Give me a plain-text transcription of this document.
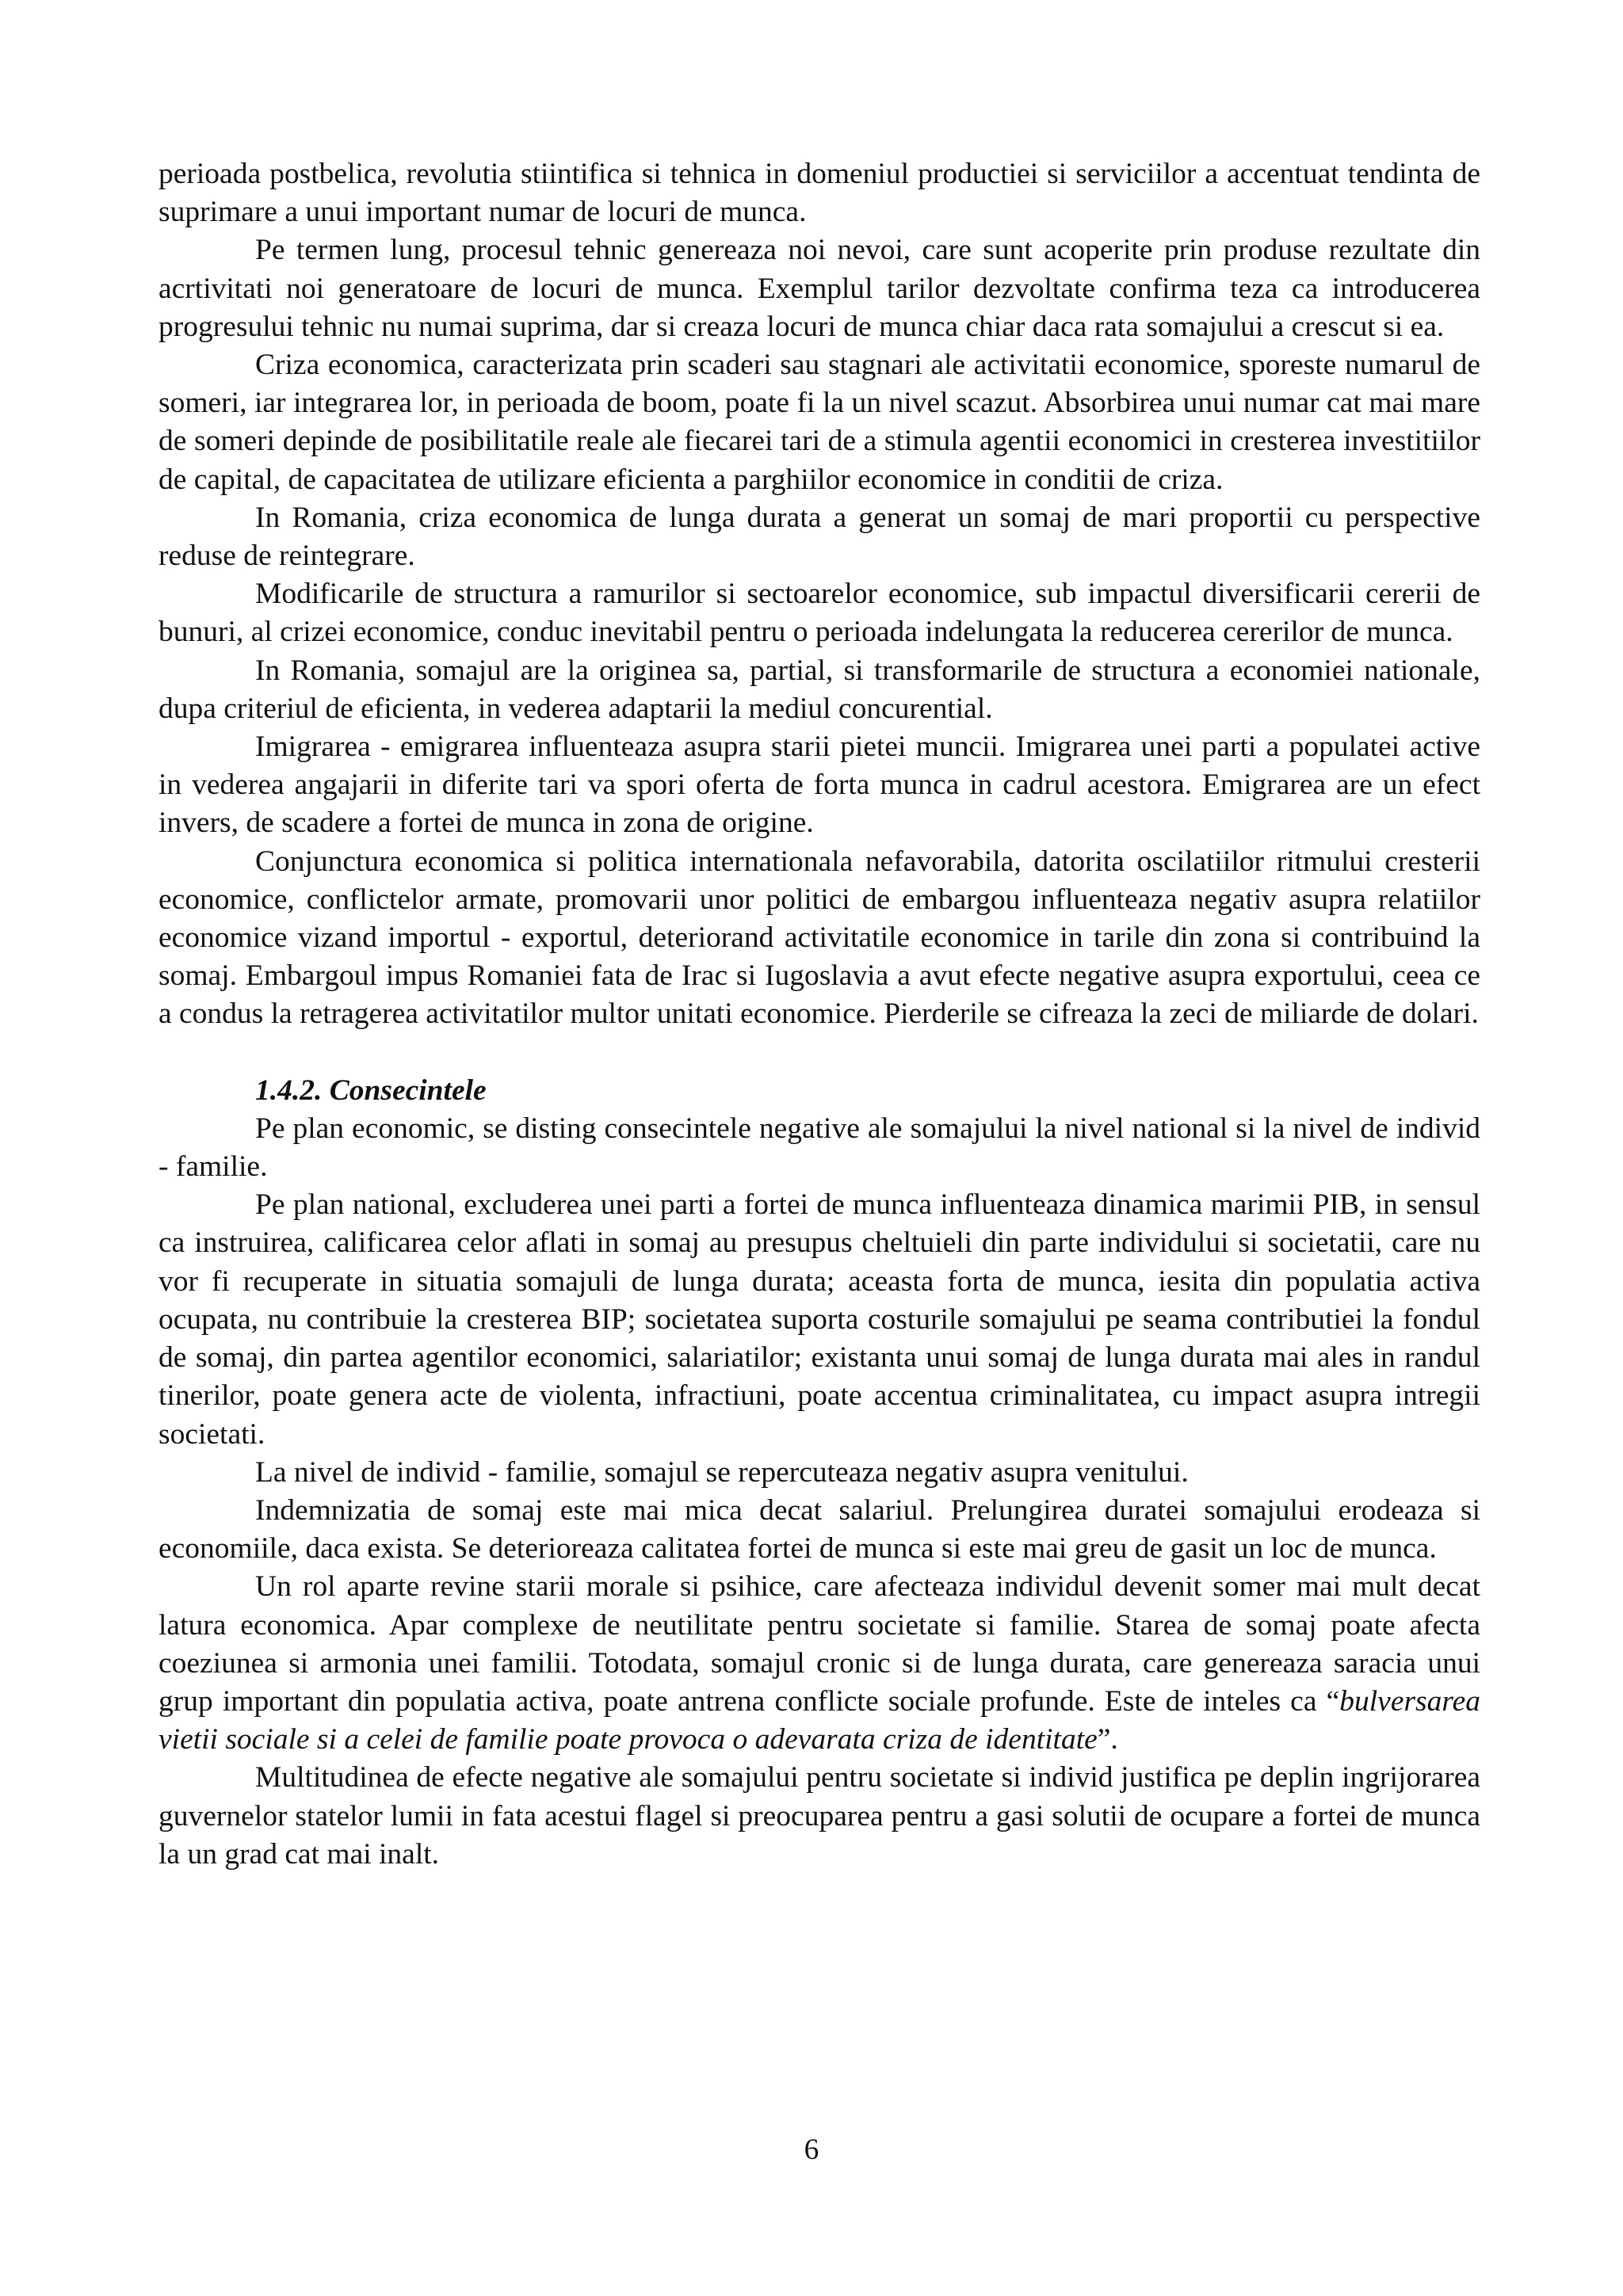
perioada postbelica, revolutia stiintifica si tehnica in domeniul productiei si serviciilor a accentuat tendinta de suprimare a unui important numar de locuri de munca.

Pe termen lung, procesul tehnic genereaza noi nevoi, care sunt acoperite prin produse rezultate din acrtivitati noi generatoare de locuri de munca. Exemplul tarilor dezvoltate confirma teza ca introducerea progresului tehnic nu numai suprima, dar si creaza locuri de munca chiar daca rata somajului a crescut si ea.

Criza economica, caracterizata prin scaderi sau stagnari ale activitatii economice, sporeste numarul de someri, iar integrarea lor, in perioada de boom, poate fi la un nivel scazut. Absorbirea unui numar cat mai mare de someri depinde de posibilitatile reale ale fiecarei tari de a stimula agentii economici in cresterea investitiilor de capital, de capacitatea de utilizare eficienta a parghiilor economice in conditii de criza.

In Romania, criza economica de lunga durata a generat un somaj de mari proportii cu perspective reduse de reintegrare.

Modificarile de structura a ramurilor si sectoarelor economice, sub impactul diversificarii cererii de bunuri, al crizei economice, conduc inevitabil pentru o perioada indelungata la reducerea cererilor de munca.

In Romania, somajul are la originea sa, partial, si transformarile de structura a economiei nationale, dupa criteriul de eficienta, in vederea adaptarii la mediul concurential.

Imigrarea - emigrarea influenteaza asupra starii pietei muncii. Imigrarea unei parti a populatei active in vederea angajarii in diferite tari va spori oferta de forta munca in cadrul acestora. Emigrarea are un efect invers, de scadere a fortei de munca in zona de origine.

Conjunctura economica si politica internationala nefavorabila, datorita oscilatiilor ritmului cresterii economice, conflictelor armate, promovarii unor politici de embargou influenteaza negativ asupra relatiilor economice vizand importul - exportul, deteriorand activitatile economice in tarile din zona si contribuind la somaj. Embargoul impus Romaniei fata de Irac si Iugoslavia a avut efecte negative asupra exportului, ceea ce a condus la retragerea activitatilor multor unitati economice. Pierderile se cifreaza la zeci de miliarde de dolari.

1.4.2. Consecintele

Pe plan economic, se disting consecintele negative ale somajului la nivel national si la nivel de individ - familie.

Pe plan national, excluderea unei parti a fortei de munca influenteaza dinamica marimii PIB, in sensul ca instruirea, calificarea celor aflati in somaj au presupus cheltuieli din parte individului si societatii, care nu vor fi recuperate in situatia somajuli de lunga durata; aceasta forta de munca, iesita din populatia activa ocupata, nu contribuie la cresterea BIP; societatea suporta costurile somajului pe seama contributiei la fondul de somaj, din partea agentilor economici, salariatilor; existanta unui somaj de lunga durata mai ales in randul tinerilor, poate genera acte de violenta, infractiuni, poate accentua criminalitatea, cu impact asupra intregii societati.

La nivel de individ - familie, somajul se repercuteaza negativ asupra venitului.

Indemnizatia de somaj este mai mica decat salariul. Prelungirea duratei somajului erodeaza si economiile, daca exista. Se deterioreaza calitatea fortei de munca si este mai greu de gasit un loc de munca.

Un rol aparte revine starii morale si psihice, care afecteaza individul devenit somer mai mult decat latura economica. Apar complexe de neutilitate pentru societate si familie. Starea de somaj poate afecta coeziunea si armonia unei familii. Totodata, somajul cronic si de lunga durata, care genereaza saracia unui grup important din populatia activa, poate antrena conflicte sociale profunde. Este de inteles ca “bulversarea vietii sociale si a celei de familie poate provoca o adevarata criza de identitate”.

Multitudinea de efecte negative ale somajului pentru societate si individ justifica pe deplin ingrijorarea guvernelor statelor lumii in fata acestui flagel si preocuparea pentru a gasi solutii de ocupare a fortei de munca la un grad cat mai inalt.

6
